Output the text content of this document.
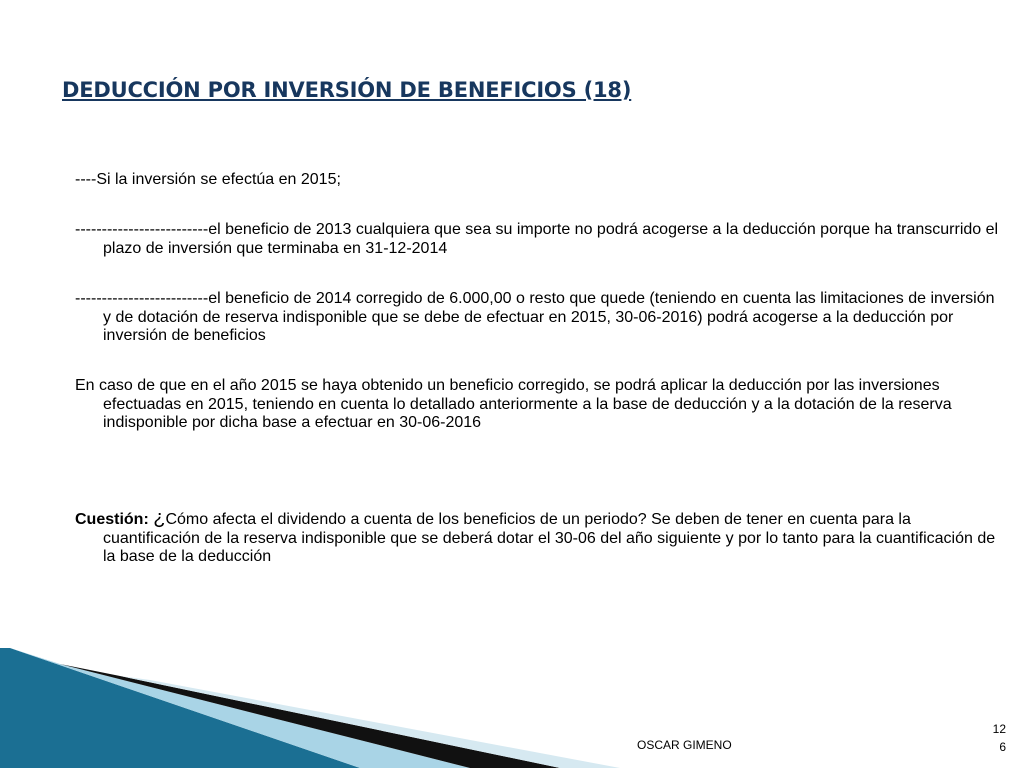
DEDUCCIÓN POR INVERSIÓN DE BENEFICIOS (18)

----Si la inversión se efectúa en 2015;

-------------------------el beneficio de 2013 cualquiera que sea su importe no podrá acogerse a la deducción porque ha transcurrido el plazo de inversión que terminaba en 31-12-2014

-------------------------el beneficio de 2014 corregido de 6.000,00 o resto que quede (teniendo en cuenta las limitaciones de inversión y de dotación de reserva indisponible que se debe de efectuar en 2015, 30-06-2016) podrá acogerse a la deducción por inversión de beneficios

En caso de que en el año 2015 se haya obtenido un beneficio corregido, se podrá aplicar la deducción por las inversiones efectuadas en 2015, teniendo en cuenta lo detallado anteriormente a la base de deducción y a la dotación de la reserva indisponible por dicha base a efectuar en 30-06-2016

Cuestión: ¿Cómo afecta el dividendo a cuenta de los beneficios de un periodo? Se deben de tener en cuenta para la cuantificación de la reserva indisponible que se deberá dotar el 30-06 del año siguiente y por lo tanto para la cuantificación de la base de la deducción

OSCAR GIMENO
12
6
